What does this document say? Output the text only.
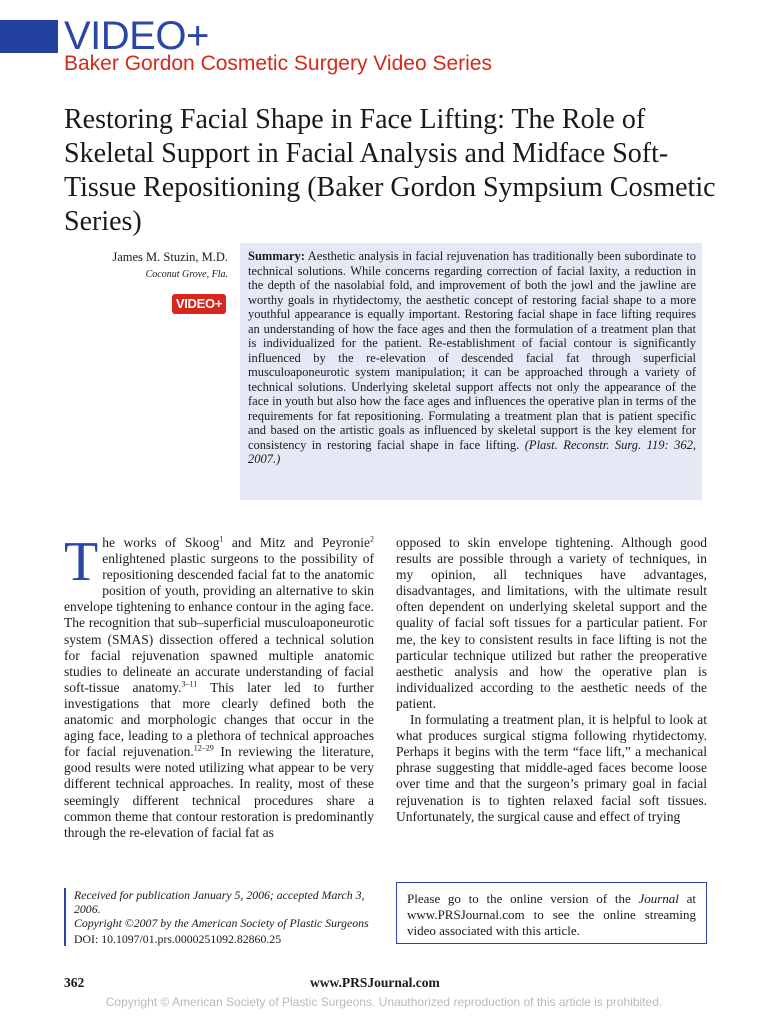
VIDEO+
Baker Gordon Cosmetic Surgery Video Series
Restoring Facial Shape in Face Lifting: The Role of Skeletal Support in Facial Analysis and Midface Soft-Tissue Repositioning (Baker Gordon Sympsium Cosmetic Series)
James M. Stuzin, M.D.
Coconut Grove, Fla.
VIDEO+
Summary: Aesthetic analysis in facial rejuvenation has traditionally been subordinate to technical solutions. While concerns regarding correction of facial laxity, a reduction in the depth of the nasolabial fold, and improvement of both the jowl and the jawline are worthy goals in rhytidectomy, the aesthetic concept of restoring facial shape to a more youthful appearance is equally important. Restoring facial shape in face lifting requires an understanding of how the face ages and then the formulation of a treatment plan that is individualized for the patient. Re-establishment of facial contour is significantly influenced by the re-elevation of descended facial fat through superficial musculoaponeurotic system manipulation; it can be approached through a variety of technical solutions. Underlying skeletal support affects not only the appearance of the face in youth but also how the face ages and influences the operative plan in terms of the requirements for fat repositioning. Formulating a treatment plan that is patient specific and based on the artistic goals as influenced by skeletal support is the key element for consistency in restoring facial shape in face lifting. (Plast. Reconstr. Surg. 119: 362, 2007.)

The works of Skoog$^1$ and Mitz and Peyronie$^2$ enlightened plastic surgeons to the possibility of repositioning descended facial fat to the anatomic position of youth, providing an alternative to skin envelope tightening to enhance contour in the aging face. The recognition that sub–superficial musculoaponeurotic system (SMAS) dissection offered a technical solution for facial rejuvenation spawned multiple anatomic studies to delineate an accurate understanding of facial soft-tissue anatomy.$^{3-11}$ This later led to further investigations that more clearly defined both the anatomic and morphologic changes that occur in the aging face, leading to a plethora of technical approaches for facial rejuvenation.$^{12-29}$ In reviewing the literature, good results were noted utilizing what appear to be very different technical approaches. In reality, most of these seemingly different technical procedures share a common theme that contour restoration is predominantly through the re-elevation of facial fat as

opposed to skin envelope tightening. Although good results are possible through a variety of techniques, in my opinion, all techniques have advantages, disadvantages, and limitations, with the ultimate result often dependent on underlying skeletal support and the quality of facial soft tissues for a particular patient. For me, the key to consistent results in face lifting is not the particular technique utilized but rather the preoperative aesthetic analysis and how the operative plan is individualized according to the aesthetic needs of the patient.

In formulating a treatment plan, it is helpful to look at what produces surgical stigma following rhytidectomy. Perhaps it begins with the term “face lift,” a mechanical phrase suggesting that middle-aged faces become loose over time and that the surgeon’s primary goal in facial rejuvenation is to tighten relaxed facial soft tissues. Unfortunately, the surgical cause and effect of trying

Received for publication January 5, 2006; accepted March 3, 2006.
Copyright ©2007 by the American Society of Plastic Surgeons
DOI: 10.1097/01.prs.0000251092.82860.25
Please go to the online version of the Journal at www.PRSJournal.com to see the online streaming video associated with this article.
362	www.PRSJournal.com
Copyright © American Society of Plastic Surgeons. Unauthorized reproduction of this article is prohibited.
